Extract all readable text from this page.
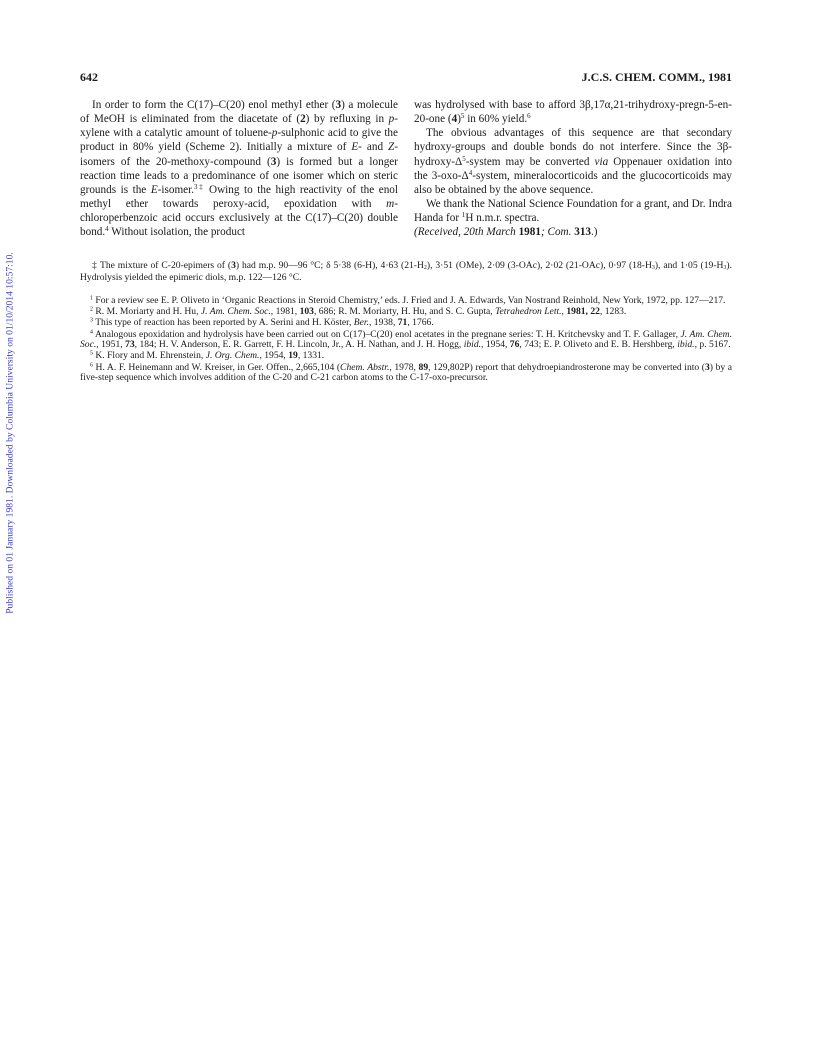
Published on 01 January 1981. Downloaded by Columbia University on 01/10/2014 10:57:10.
642	J.C.S. CHEM. COMM., 1981

In order to form the C(17)–C(20) enol methyl ether (3) a molecule of MeOH is eliminated from the diacetate of (2) by refluxing in p-xylene with a catalytic amount of toluene-p-sulphonic acid to give the product in 80% yield (Scheme 2). Initially a mixture of E- and Z-isomers of the 20-methoxy-compound (3) is formed but a longer reaction time leads to a predominance of one isomer which on steric grounds is the E-isomer.$^{3\ddagger}$ Owing to the high reactivity of the enol methyl ether towards peroxy-acid, epoxidation with m-chloroperbenzoic acid occurs exclusively at the C(17)–C(20) double bond.$^4$ Without isolation, the product

was hydrolysed with base to afford 3β,17α,21-trihydroxy-pregn-5-en-20-one $(4)^5$ in 60% yield.$^6$

The obvious advantages of this sequence are that secondary hydroxy-groups and double bonds do not interfere. Since the $3\beta-hydroxy-\Delta^5$-system may be converted via Oppenauer oxidation into the $3-oxo-\Delta^4$-system, mineralocorticoids and the glucocorticoids may also be obtained by the above sequence.

We thank the National Science Foundation for a grant, and Dr. Indra Handa for $^1$H n.m.r. spectra.

(Received, 20th March 1981; Com. 313.)

‡ The mixture of C-20-epimers of (3) had m.p. 90—96 °C; δ 5·38 (6-H), 4·63 $(21-H_2)$, 3·51 (OMe), 2·09 (3-OAc), 2·02 (21-OAc), 0·97 $(18-H_3)$, and 1·05 $(19-H_3)$. Hydrolysis yielded the epimeric diols, m.p. 122—126 °C.

$^1$ For a review see E. P. Oliveto in ‘Organic Reactions in Steroid Chemistry,’ eds. J. Fried and J. A. Edwards, Van Nostrand Reinhold, New York, 1972, pp. 127—217.

$^2$ R. M. Moriarty and H. Hu, J. Am. Chem. Soc., 1981, 103, 686; R. M. Moriarty, H. Hu, and S. C. Gupta, Tetrahedron Lett., 1981, 22, 1283.

$^3$ This type of reaction has been reported by A. Serini and H. Köster, Ber., 1938, 71, 1766.

$^4$ Analogous epoxidation and hydrolysis have been carried out on C(17)–C(20) enol acetates in the pregnane series: T. H. Kritchevsky and T. F. Gallager, J. Am. Chem. Soc., 1951, 73, 184; H. V. Anderson, E. R. Garrett, F. H. Lincoln, Jr., A. H. Nathan, and J. H. Hogg, ibid., 1954, 76, 743; E. P. Oliveto and E. B. Hershberg, ibid., p. 5167.

$^5$ K. Flory and M. Ehrenstein, J. Org. Chem., 1954, 19, 1331.

$^6$ H. A. F. Heinemann and W. Kreiser, in Ger. Offen., 2,665,104 (Chem. Abstr., 1978, 89, 129,802P) report that dehydroepiandrosterone may be converted into (3) by a five-step sequence which involves addition of the C-20 and C-21 carbon atoms to the C-17-oxo-precursor.
